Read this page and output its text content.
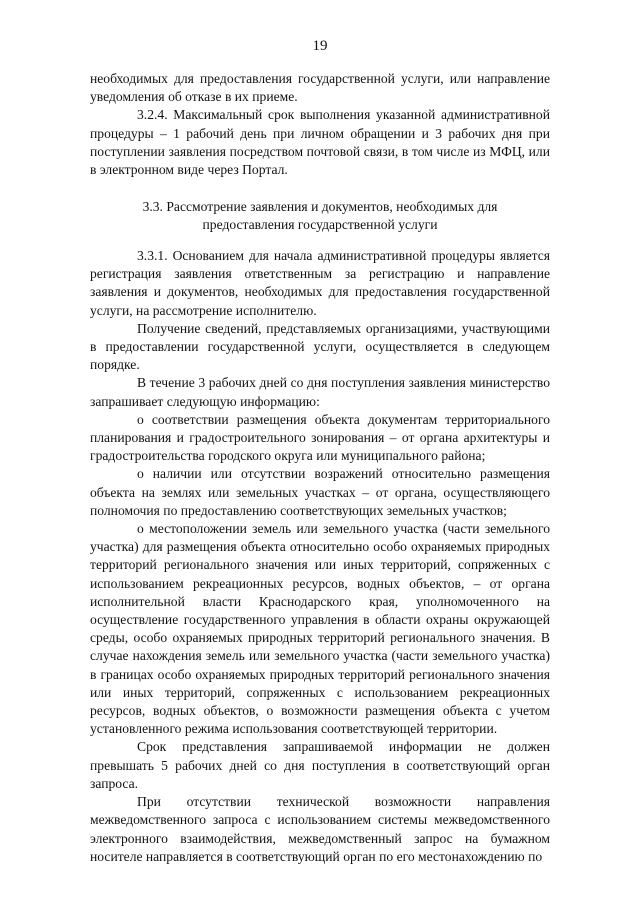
19

необходимых для предоставления государственной услуги, или направление уведомления об отказе в их приеме.

3.2.4. Максимальный срок выполнения указанной административной процедуры – 1 рабочий день при личном обращении и 3 рабочих дня при поступлении заявления посредством почтовой связи, в том числе из МФЦ, или в электронном виде через Портал.

3.3. Рассмотрение заявления и документов, необходимых для

предоставления государственной услуги

3.3.1. Основанием для начала административной процедуры является регистрация заявления ответственным за регистрацию и направление заявления и документов, необходимых для предоставления государственной услуги, на рассмотрение исполнителю.

Получение сведений, представляемых организациями, участвующими в предоставлении государственной услуги, осуществляется в следующем порядке.

В течение 3 рабочих дней со дня поступления заявления министерство запрашивает следующую информацию:

о соответствии размещения объекта документам территориального планирования и градостроительного зонирования – от органа архитектуры и градостроительства городского округа или муниципального района;

о наличии или отсутствии возражений относительно размещения объекта на землях или земельных участках – от органа, осуществляющего полномочия по предоставлению соответствующих земельных участков;

о местоположении земель или земельного участка (части земельного участка) для размещения объекта относительно особо охраняемых природных территорий регионального значения или иных территорий, сопряженных с использованием рекреационных ресурсов, водных объектов, – от органа исполнительной власти Краснодарского края, уполномоченного на осуществление государственного управления в области охраны окружающей среды, особо охраняемых природных территорий регионального значения. В случае нахождения земель или земельного участка (части земельного участка) в границах особо охраняемых природных территорий регионального значения или иных территорий, сопряженных с использованием рекреационных ресурсов, водных объектов, о возможности размещения объекта с учетом установленного режима использования соответствующей территории.

Срок представления запрашиваемой информации не должен превышать 5 рабочих дней со дня поступления в соответствующий орган запроса.

При отсутствии технической возможности направления межведомственного запроса с использованием системы межведомственного электронного взаимодействия, межведомственный запрос на бумажном носителе направляется в соответствующий орган по его местонахождению по
